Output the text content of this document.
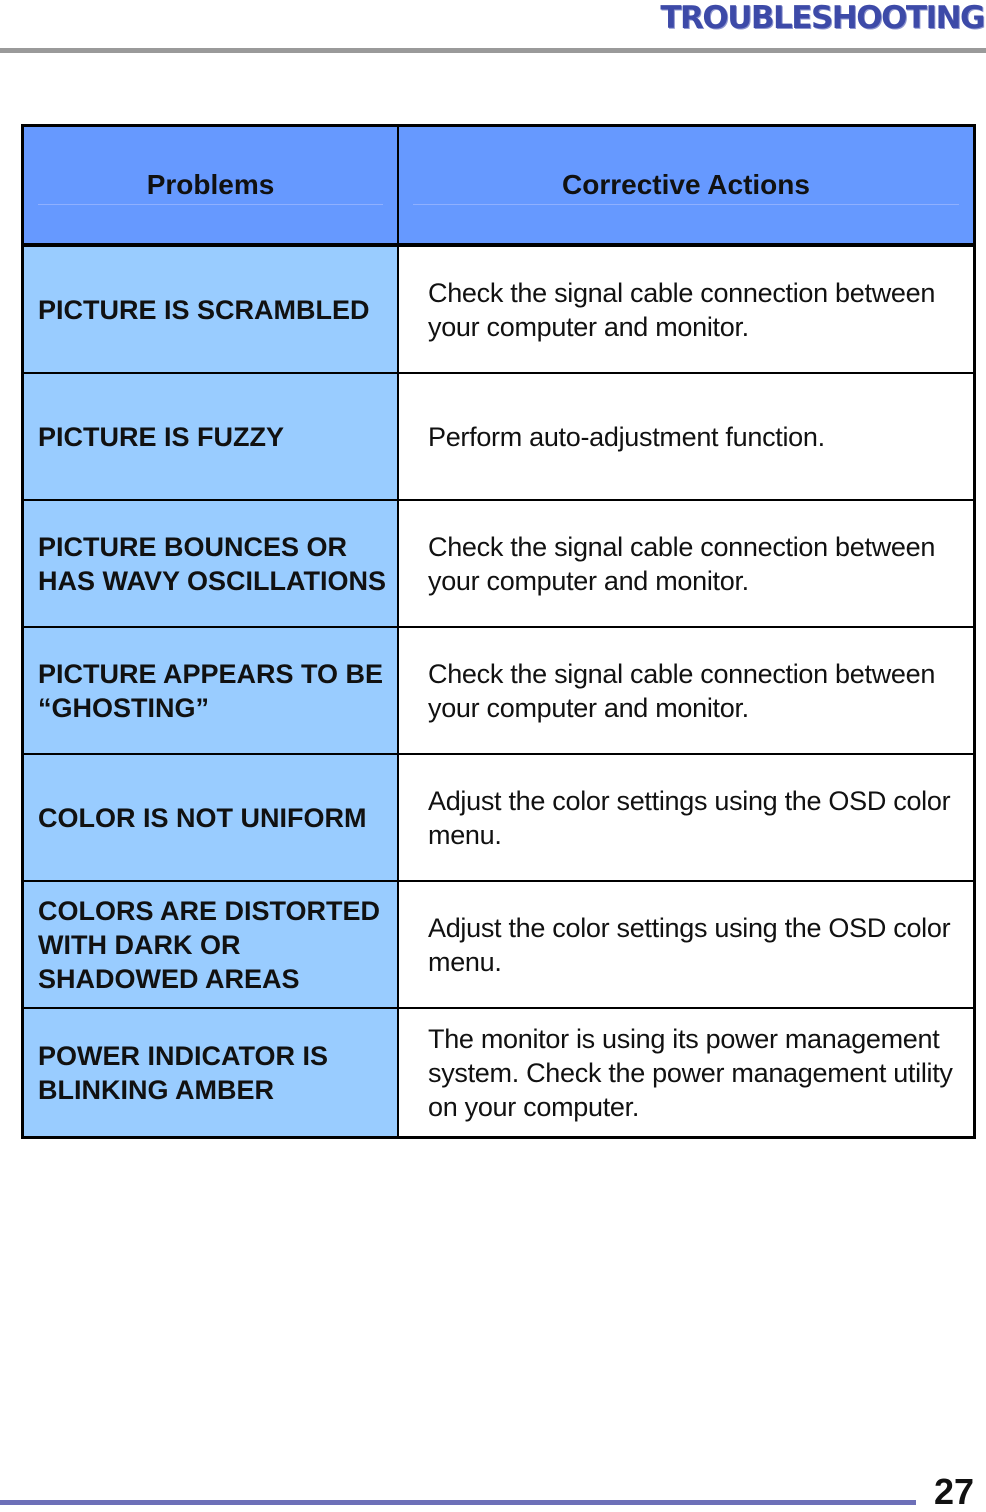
TROUBLESHOOTING
Problems	Corrective Actions
PICTURE IS SCRAMBLED
Check the signal cable connection between your computer and monitor.
PICTURE IS FUZZY	Perform auto-adjustment function.
PICTURE BOUNCES OR HAS WAVY OSCILLATIONS
Check the signal cable connection between your computer and monitor.
PICTURE APPEARS TO BE “GHOSTING”
Check the signal cable connection between your computer and monitor.
COLOR IS NOT UNIFORM
Adjust the color settings using the OSD color menu.
COLORS ARE DISTORTED WITH DARK OR SHADOWED AREAS
Adjust the color settings using the OSD color menu.
POWER INDICATOR IS BLINKING AMBER
The monitor is using its power management system. Check the power management utility on your computer.
27
